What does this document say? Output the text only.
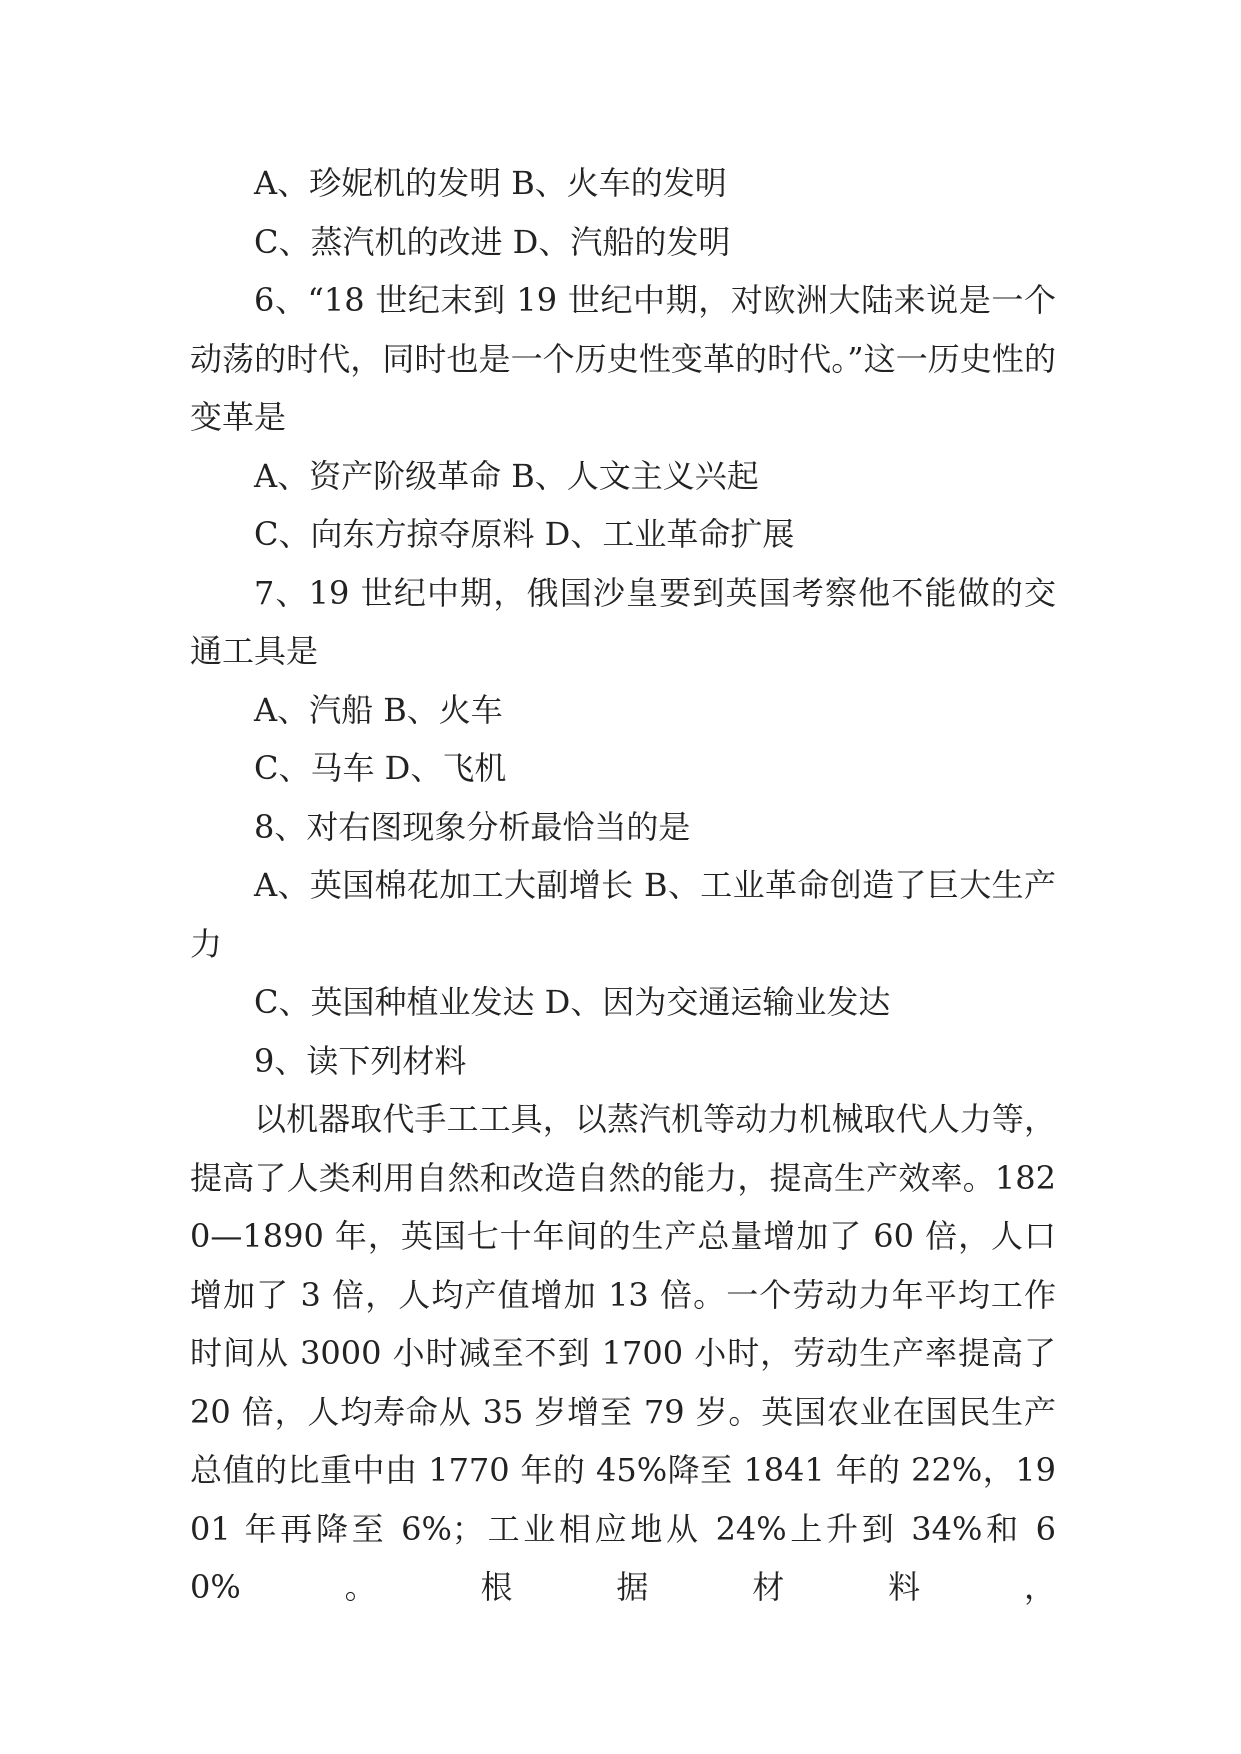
A、珍妮机的发明 B、火车的发明

C、蒸汽机的改进 D、汽船的发明

6、“18 世纪末到 19 世纪中期，对欧洲大陆来说是一个动荡的时代，同时也是一个历史性变革的时代。”这一历史性的变革是

A、资产阶级革命 B、人文主义兴起

C、向东方掠夺原料 D、工业革命扩展

7、19 世纪中期，俄国沙皇要到英国考察他不能做的交通工具是

A、汽船 B、火车

C、马车 D、飞机

8、对右图现象分析最恰当的是

A、英国棉花加工大副增长 B、工业革命创造了巨大生产力

C、英国种植业发达 D、因为交通运输业发达

9、读下列材料

以机器取代手工工具，以蒸汽机等动力机械取代人力等，提高了人类利用自然和改造自然的能力，提高生产效率。1820—1890 年，英国七十年间的生产总量增加了 60 倍，人口增加了 3 倍，人均产值增加 13 倍。一个劳动力年平均工作时间从 3000 小时减至不到 1700 小时，劳动生产率提高了 20 倍，人均寿命从 35 岁增至 79 岁。英国农业在国民生产总值的比重中由 1770 年的 45%降至 1841 年的 22%，1901 年再降至 6%；工业相应地从 24%上升到 34%和 60%。根据材料，
